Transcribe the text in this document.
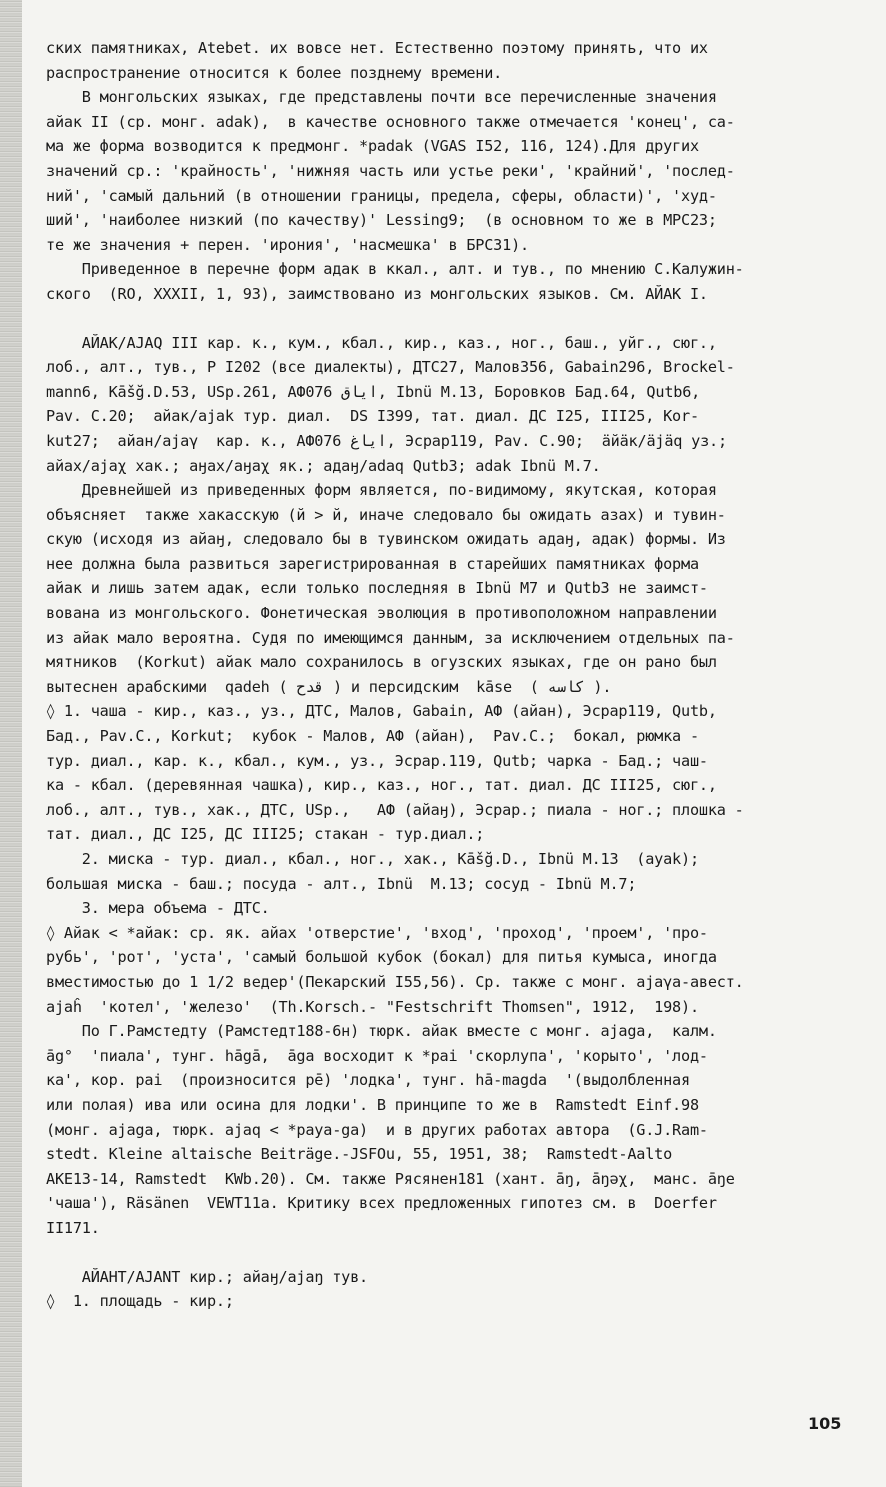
ских памятниках, Atebet. их вовсе нет. Естественно поэтому принять, что их

распространение относится к более позднему времени.

В монгольских языках, где представлены почти все перечисленные значения

айак II (ср. монг. adak),  в качестве основного также отмечается 'конец', са-

ма же форма возводится к предмонг. *padak (VGAS I52, 116, 124).Для других

значений ср.: 'крайность', 'нижняя часть или устье реки', 'крайний', 'послед-

ний', 'самый дальний (в отношении границы, предела, сферы, области)', 'худ-

ший', 'наиболее низкий (по качеству)' Lessing9;  (в основном то же в МРС23;

те же значения + перен. 'ирония', 'насмешка' в БРС31).

Приведенное в перечне форм адак в ккал., алт. и тув., по мнению С.Калужин-

ского  (RO, XXXII, 1, 93), заимствовано из монгольских языков. См. АЙАК I.

АЙАК/AJAQ III кар. к., кум., кбал., кир., каз., ног., баш., уйг., сюг.,

лоб., алт., тув., Р I202 (все диалекты), ДТС27, Малов356, Gabain296, Brockel-

mann6, Kāšğ.D.53, USp.261, АФ076 ایاق, Ibnü M.13, Боровков Бад.64, Qutb6,

Pav. C.20;  айак/ajak тур. диал.  DS I399, тат. диал. ДС I25, III25, Kor-

kut27;  айан/ajaγ  кар. к., АФ076 ایاغ, Эсрар119, Pav. C.90;  ӓйӓк/ӓjӓq уз.;

айах/ajaχ хак.; аӈах/аӈаχ як.; адаӈ/adaq Qutb3; adak Ibnü M.7.

Древнейшей из приведенных форм является, по-видимому, якутская, которая

объясняет  также хакасскую (й > й, иначе следовало бы ожидать азах) и тувин-

скую (исходя из айаӈ, следовало бы в тувинском ожидать адаӈ, адак) формы. Из

нее должна была развиться зарегистрированная в старейших памятниках форма

айак и лишь затем адак, если только последняя в Ibnü M7 и Qutb3 не заимст-

вована из монгольского. Фонетическая эволюция в противоположном направлении

из айак мало вероятна. Судя по имеющимся данным, за исключением отдельных па-

мятников  (Korkut) айак мало сохранилось в огузских языках, где он рано был

вытеснен арабскими  qadeh ( قدح ) и персидским  kāse  ( کاسه ).

◊ 1. чаша - кир., каз., уз., ДТС, Малов, Gabain, АФ (айан), Эсрар119, Qutb,

Бад., Pav.C., Korkut;  кубок - Малов, АФ (айан),  Pav.C.;  бокал, рюмка -

тур. диал., кар. к., кбал., кум., уз., Эсрар.119, Qutb; чарка - Бад.; чаш-

ка - кбал. (деревянная чашка), кир., каз., ног., тат. диал. ДС III25, сюг.,

лоб., алт., тув., хак., ДТС, USp.,   АФ (айаӈ), Эсрар.; пиала - ног.; плошка -

тат. диал., ДС I25, ДС III25; стакан - тур.диал.;

2. миска - тур. диал., кбал., ног., хак., Kāšğ.D., Ibnü M.13  (ayak);

большая миска - баш.; посуда - алт., Ibnü  M.13; сосуд - Ibnü M.7;

3. мера объема - ДТС.

◊ Айак < *айак: ср. як. айах 'отверстие', 'вход', 'проход', 'проем', 'про-

рубь', 'рот', 'уста', 'самый большой кубок (бокал) для питья кумыса, иногда

вместимостью до 1 1/2 ведер'(Пекарский I55,56). Ср. также с монг. ajaγa-авест.

ajaĥ  'котел', 'железо'  (Th.Korsch.- "Festschrift Thomsen", 1912,  198).

По Г.Рамстедту (Рамстедт188-6н) тюрк. айак вместе с монг. ajaga,  калм.

āg°  'пиала', тунг. hāgā,  āga восходит к *pai 'скорлупа', 'корыто', 'лод-

ка', кор. pai  (произносится pē) 'лодка', тунг. hā-magda  '(выдолбленная

или полая) ива или осина для лодки'. В принципе то же в  Ramstedt Einf.98

(монг. ajaga, тюрк. ajaq < *paya-ga)  и в других работах автора  (G.J.Ram-

stedt. Kleine altaische Beiträge.-JSFOu, 55, 1951, 38;  Ramstedt-Aalto

AKE13-14, Ramstedt  KWb.20). См. также Рясянен181 (хант. āŋ, āŋəχ,  манс. āŋe

'чаша'), Räsänen  VEWT11a. Критику всех предложенных гипотез см. в  Doerfer

II171.

АЙАНТ/AJANT кир.; айаӈ/ajaŋ тув.

◊  1. площадь - кир.;

105
